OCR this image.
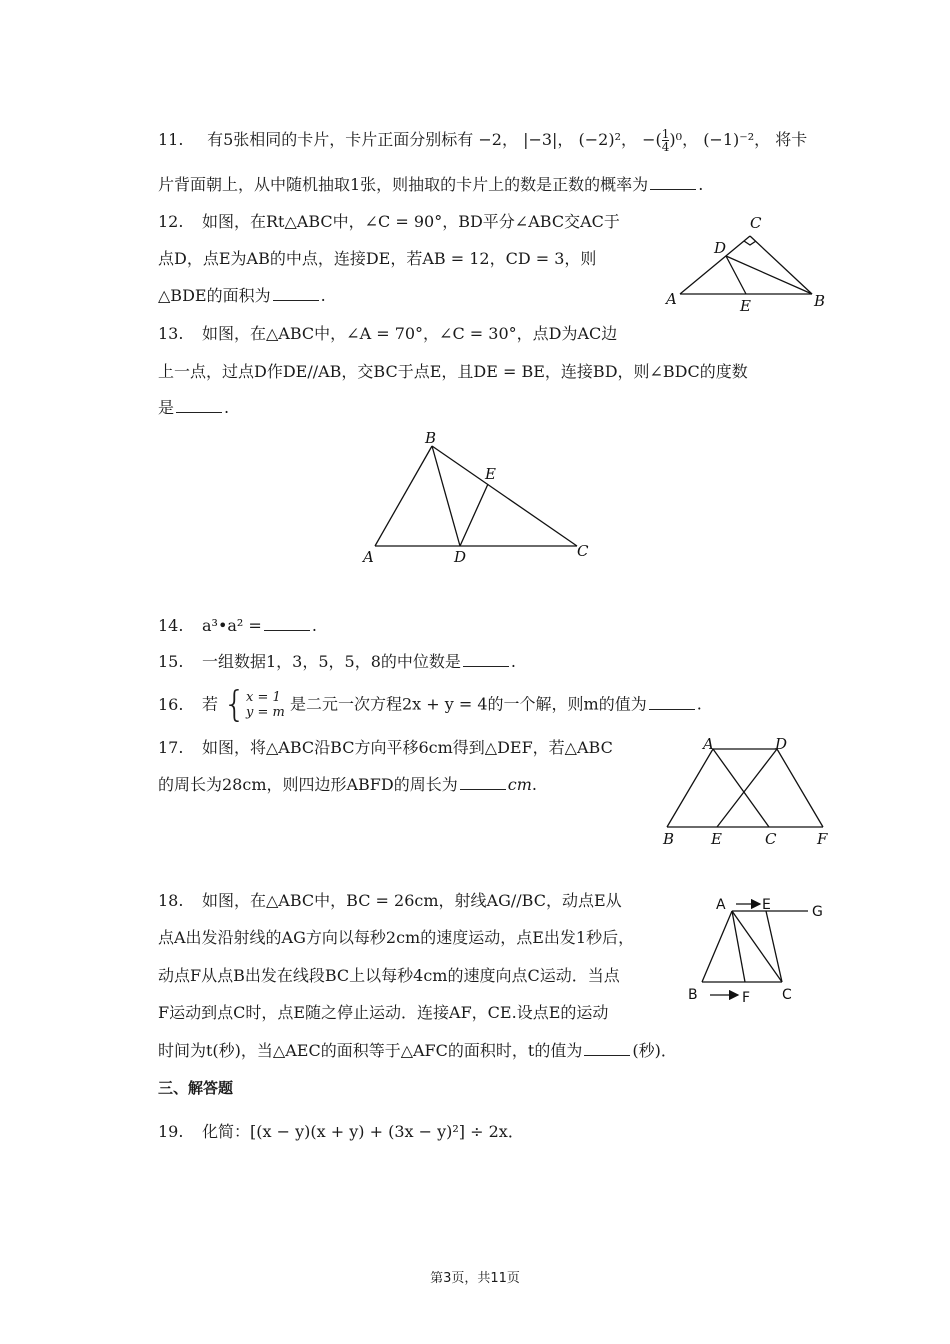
11. 有5张相同的卡片，卡片正面分别标有 −2， |−3|， (−2)²， −( $\frac{1}{4} )^0$， (−1)⁻²， 将卡
片背面朝上，从中随机抽取1张，则抽取的卡片上的数是正数的概率为	.
12. 如图，在Rt△ABC中，∠C = 90°，BD平分∠ABC交AC于
点D，点E为AB的中点，连接DE，若AB = 12，CD = 3，则
△BDE的面积为	.
C
D
A	E	B
13. 如图，在△ABC中，∠A = 70°，∠C = 30°，点D为AC边
上一点，过点D作DE//AB，交BC于点E，且DE = BE，连接BD，则∠BDC的度数
是	.
B
E
A	D	C
14. a³•a² =	.
15. 一组数据1，3，5，5，8的中位数是	.
16. 若 { x = 1
y = m 是二元一次方程2x + y = 4的一个解，则m的值为	.
17. 如图，将△ABC沿BC方向平移6cm得到△DEF，若△ABC
的周长为28cm，则四边形ABFD的周长为	cm.
A	D
B E	C	F
18. 如图，在△ABC中，BC = 26cm，射线AG//BC，动点E从
点A出发沿射线的AG方向以每秒2cm的速度运动，点E出发1秒后，
动点F从点B出发在线段BC上以每秒4cm的速度向点C运动．当点
F运动到点C时，点E随之停止运动．连接AF，CE.设点E的运动
时间为t(秒)，当△AEC的面积等于△AFC的面积时，t的值为	(秒)．
A	E	G
B	F C
三、解答题
19. 化简：[(x − y)(x + y) + (3x − y)²] ÷ 2x．
第3页，共11页
